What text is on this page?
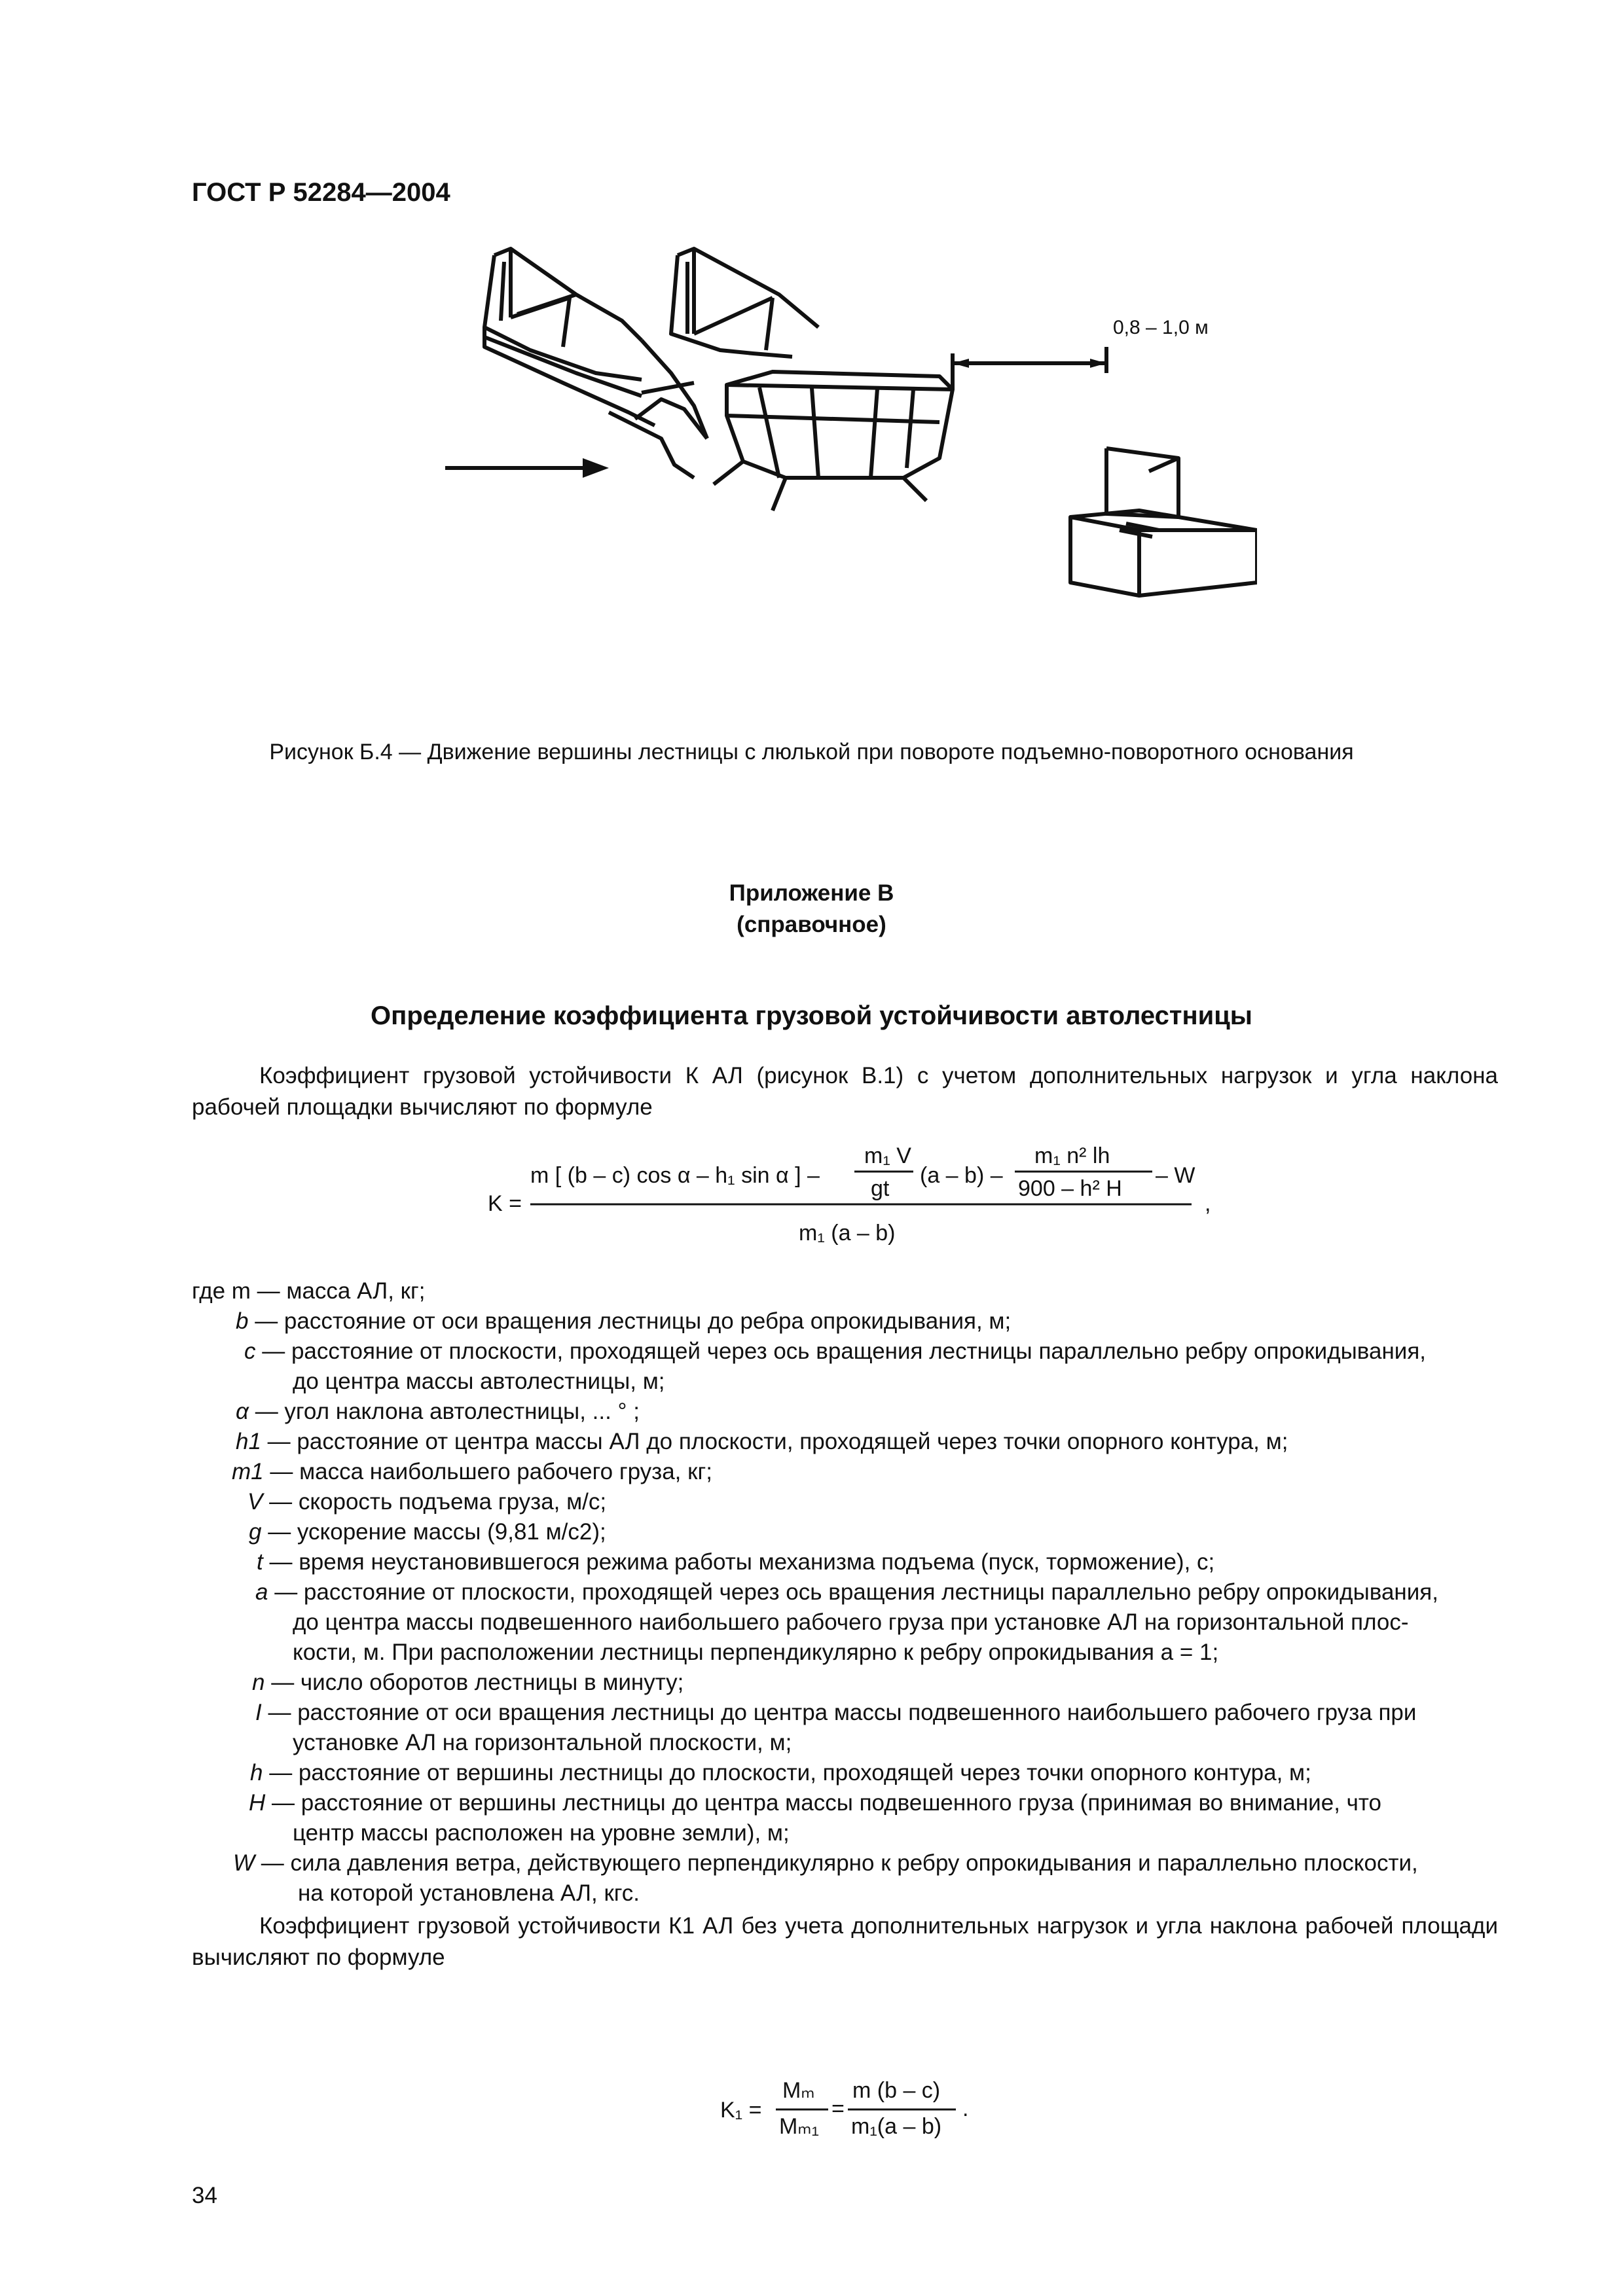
ГОСТ Р 52284—2004
0,8 – 1,0 м
Рисунок Б.4 — Движение вершины лестницы с люлькой при повороте подъемно-поворотного основания
Приложение В
(справочное)
Определение коэффициента грузовой устойчивости автолестницы
Коэффициент грузовой устойчивости К АЛ (рисунок В.1) с учетом дополнительных нагрузок и угла наклона рабочей площадки вычисляют по формуле
K =
m [ (b – c) cos α – h₁ sin α ] –
m₁ V
gt
(a – b) –
m₁ n² lh
900 – h² H
– W
m₁ (a – b)
,
где m — масса АЛ, кг;
b — расстояние от оси вращения лестницы до ребра опрокидывания, м;
c — расстояние от плоскости, проходящей через ось вращения лестницы параллельно ребру опрокидывания,
до центра массы автолестницы, м;
α — угол наклона автолестницы, ... ° ;
h1 — расстояние от центра массы АЛ до плоскости, проходящей через точки опорного контура, м;
m1 — масса наибольшего рабочего груза, кг;
V — скорость подъема груза, м/с;
g — ускорение массы (9,81 м/с2);
t — время неустановившегося режима работы механизма подъема (пуск, торможение), с;
a — расстояние от плоскости, проходящей через ось вращения лестницы параллельно ребру опрокидывания,
до центра массы подвешенного наибольшего рабочего груза при установке АЛ на горизонтальной плос-
кости, м. При расположении лестницы перпендикулярно к ребру опрокидывания а = 1;
n — число оборотов лестницы в минуту;
I — расстояние от оси вращения лестницы до центра массы подвешенного наибольшего рабочего груза при
установке АЛ на горизонтальной плоскости, м;
h — расстояние от вершины лестницы до плоскости, проходящей через точки опорного контура, м;
H — расстояние от вершины лестницы до центра массы подвешенного груза (принимая во внимание, что
центр массы расположен на уровне земли), м;
W — сила давления ветра, действующего перпендикулярно к ребру опрокидывания и параллельно плоскости,
на которой установлена АЛ, кгс.
Коэффициент грузовой устойчивости К1 АЛ без учета дополнительных нагрузок и угла наклона рабочей площади вычисляют по формуле
K₁ =
Mₘ
Mₘ₁
=
m (b – c)
m₁(a – b)
.
34
